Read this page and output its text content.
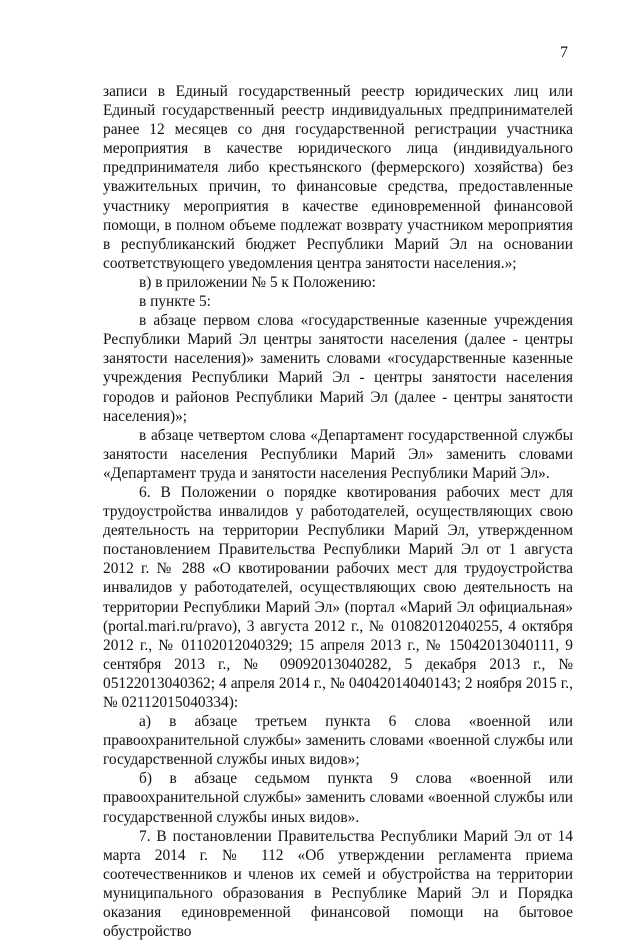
7

записи в Единый государственный реестр юридических лиц или Единый государственный реестр индивидуальных предпринимателей ранее 12 месяцев со дня государственной регистрации участника мероприятия в качестве юридического лица (индивидуального предпринимателя либо крестьянского (фермерского) хозяйства) без уважительных причин, то финансовые средства, предоставленные участнику мероприятия в качестве единовременной финансовой помощи, в полном объеме подлежат возврату участником мероприятия в республиканский бюджет Республики Марий Эл на основании соответствующего уведомления центра занятости населения.»;

в) в приложении № 5 к Положению:

в пункте 5:

в абзаце первом слова «государственные казенные учреждения Республики Марий Эл центры занятости населения (далее - центры занятости населения)» заменить словами «государственные казенные учреждения Республики Марий Эл - центры занятости населения городов и районов Республики Марий Эл (далее - центры занятости населения)»;

в абзаце четвертом слова «Департамент государственной службы занятости населения Республики Марий Эл» заменить словами «Департамент труда и занятости населения Республики Марий Эл».

6. В Положении о порядке квотирования рабочих мест для трудоустройства инвалидов у работодателей, осуществляющих свою деятельность на территории Республики Марий Эл, утвержденном постановлением Правительства Республики Марий Эл от 1 августа 2012 г. № 288 «О квотировании рабочих мест для трудоустройства инвалидов у работодателей, осуществляющих свою деятельность на территории Республики Марий Эл» (портал «Марий Эл официальная» (portal.mari.ru/pravo), 3 августа 2012 г., № 01082012040255, 4 октября 2012 г., № 01102012040329; 15 апреля 2013 г., № 15042013040111, 9 сентября 2013 г., № 09092013040282, 5 декабря 2013 г., № 05122013040362; 4 апреля 2014 г., № 04042014040143; 2 ноября 2015 г., № 02112015040334):

а) в абзаце третьем пункта 6 слова «военной или правоохранительной службы» заменить словами «военной службы или государственной службы иных видов»;

б) в абзаце седьмом пункта 9 слова «военной или правоохранительной службы» заменить словами «военной службы или государственной службы иных видов».

7. В постановлении Правительства Республики Марий Эл от 14 марта 2014 г. № 112 «Об утверждении регламента приема соотечественников и членов их семей и обустройства на территории муниципального образования в Республике Марий Эл и Порядка оказания единовременной финансовой помощи на бытовое обустройство
